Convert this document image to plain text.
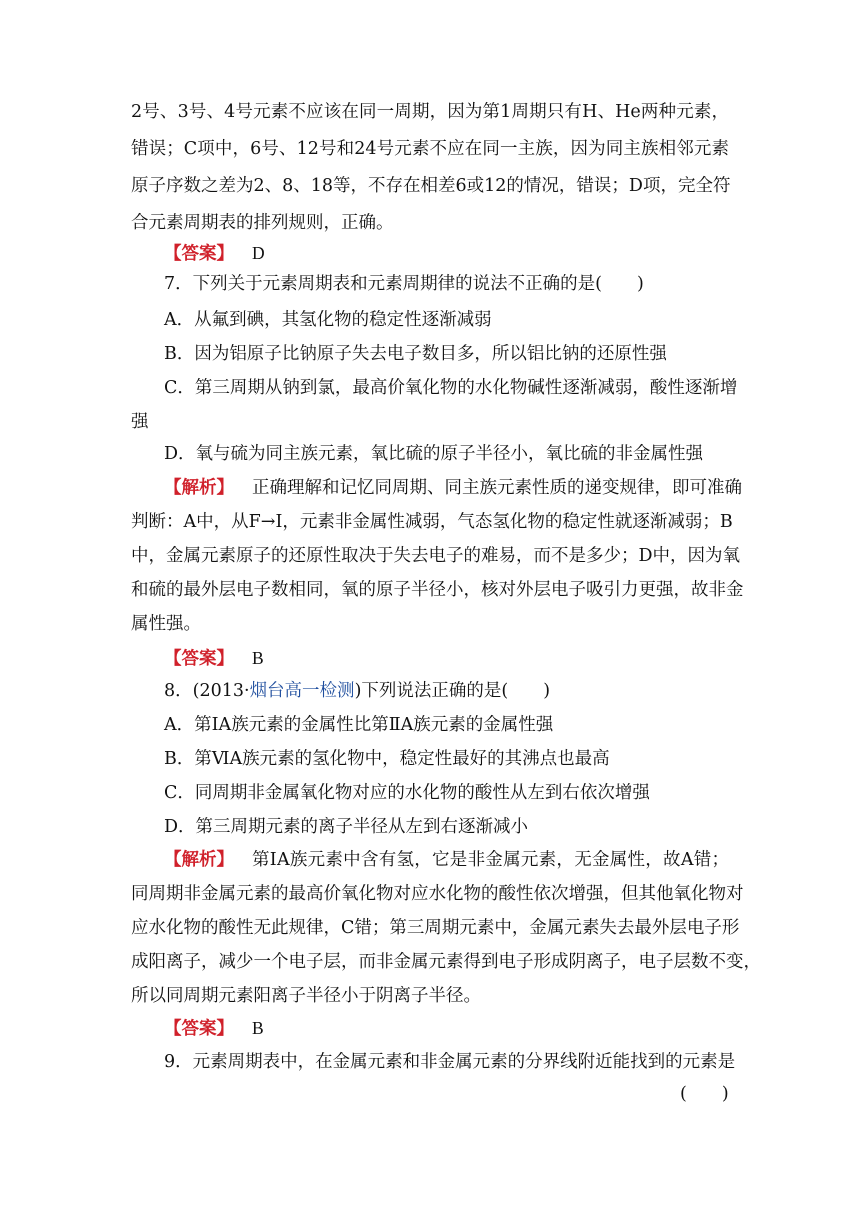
2号、3号、4号元素不应该在同一周期，因为第1周期只有H、He两种元素，
错误；C项中，6号、12号和24号元素不应在同一主族，因为同主族相邻元素
原子序数之差为2、8、18等，不存在相差6或12的情况，错误；D项，完全符
合元素周期表的排列规则，正确。
【答案】 D
7．下列关于元素周期表和元素周期律的说法不正确的是(　　)
A．从氟到碘，其氢化物的稳定性逐渐减弱
B．因为铝原子比钠原子失去电子数目多，所以铝比钠的还原性强
C．第三周期从钠到氯，最高价氧化物的水化物碱性逐渐减弱，酸性逐渐增
强
D．氧与硫为同主族元素，氧比硫的原子半径小，氧比硫的非金属性强
【解析】 正确理解和记忆同周期、同主族元素性质的递变规律，即可准确
判断：A中，从F→I，元素非金属性减弱，气态氢化物的稳定性就逐渐减弱；B
中，金属元素原子的还原性取决于失去电子的难易，而不是多少；D中，因为氧
和硫的最外层电子数相同，氧的原子半径小，核对外层电子吸引力更强，故非金
属性强。
【答案】 B
8．(2013·烟台高一检测)下列说法正确的是(　　)
A．第ⅠA族元素的金属性比第ⅡA族元素的金属性强
B．第ⅥA族元素的氢化物中，稳定性最好的其沸点也最高
C．同周期非金属氧化物对应的水化物的酸性从左到右依次增强
D．第三周期元素的离子半径从左到右逐渐减小
【解析】 第ⅠA族元素中含有氢，它是非金属元素，无金属性，故A错；
同周期非金属元素的最高价氧化物对应水化物的酸性依次增强，但其他氧化物对
应水化物的酸性无此规律，C错；第三周期元素中，金属元素失去最外层电子形
成阳离子，减少一个电子层，而非金属元素得到电子形成阴离子，电子层数不变，
所以同周期元素阳离子半径小于阴离子半径。
【答案】 B
9．元素周期表中，在金属元素和非金属元素的分界线附近能找到的元素是
(　　)
